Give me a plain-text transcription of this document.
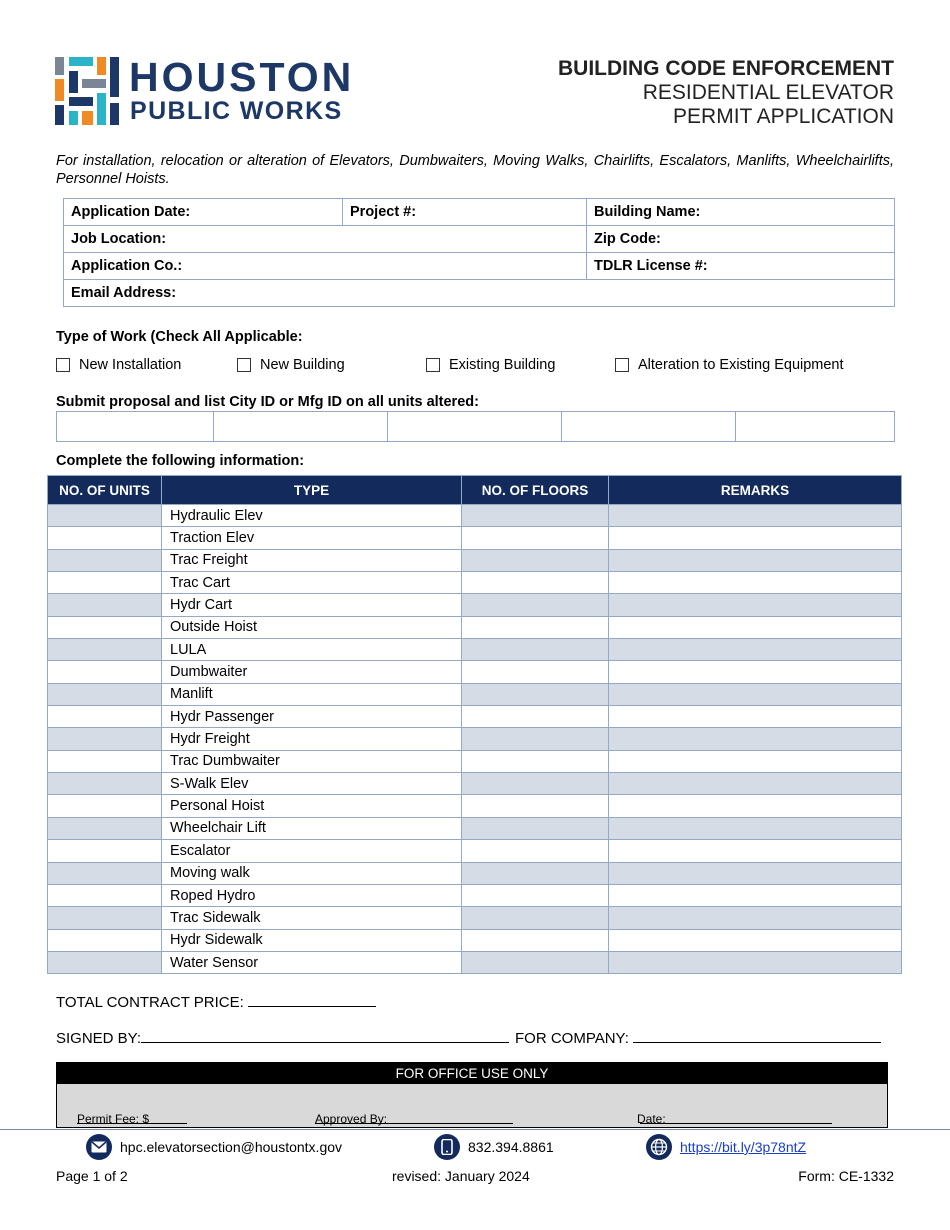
HOUSTON
PUBLIC WORKS
BUILDING CODE ENFORCEMENT
RESIDENTIAL ELEVATOR
PERMIT APPLICATION
For installation, relocation or alteration of Elevators, Dumbwaiters, Moving Walks, Chairlifts, Escalators, Manlifts, Wheelchairlifts, Personnel Hoists.
Application Date:	Project #:	Building Name:
Job Location:		Zip Code:
Application Co.:		TDLR License #:
Email Address:		
Type of Work (Check All Applicable:
New Installation	New Building	Existing Building	Alteration to Existing Equipment
Submit proposal and list City ID or Mfg ID on all units altered:

Complete the following information:
NO. OF UNITS	TYPE	NO. OF FLOORS	REMARKS
	Hydraulic Elev		
	Traction Elev		
	Trac Freight		
	Trac Cart		
	Hydr Cart		
	Outside Hoist		
	LULA		
	Dumbwaiter		
	Manlift		
	Hydr Passenger		
	Hydr Freight		
	Trac Dumbwaiter		
	S-Walk Elev		
	Personal Hoist		
	Wheelchair Lift		
	Escalator		
	Moving walk		
	Roped Hydro		
	Trac Sidewalk		
	Hydr Sidewalk		
	Water Sensor		
TOTAL CONTRACT PRICE:
SIGNED BY:	FOR COMPANY:
FOR OFFICE USE ONLY
Permit Fee: $	Approved By:	Date:

hpc.elevatorsection@houstontx.gov	832.394.8861	https://bit.ly/3p78ntZ
Page 1 of 2	revised: January 2024	Form: CE-1332
